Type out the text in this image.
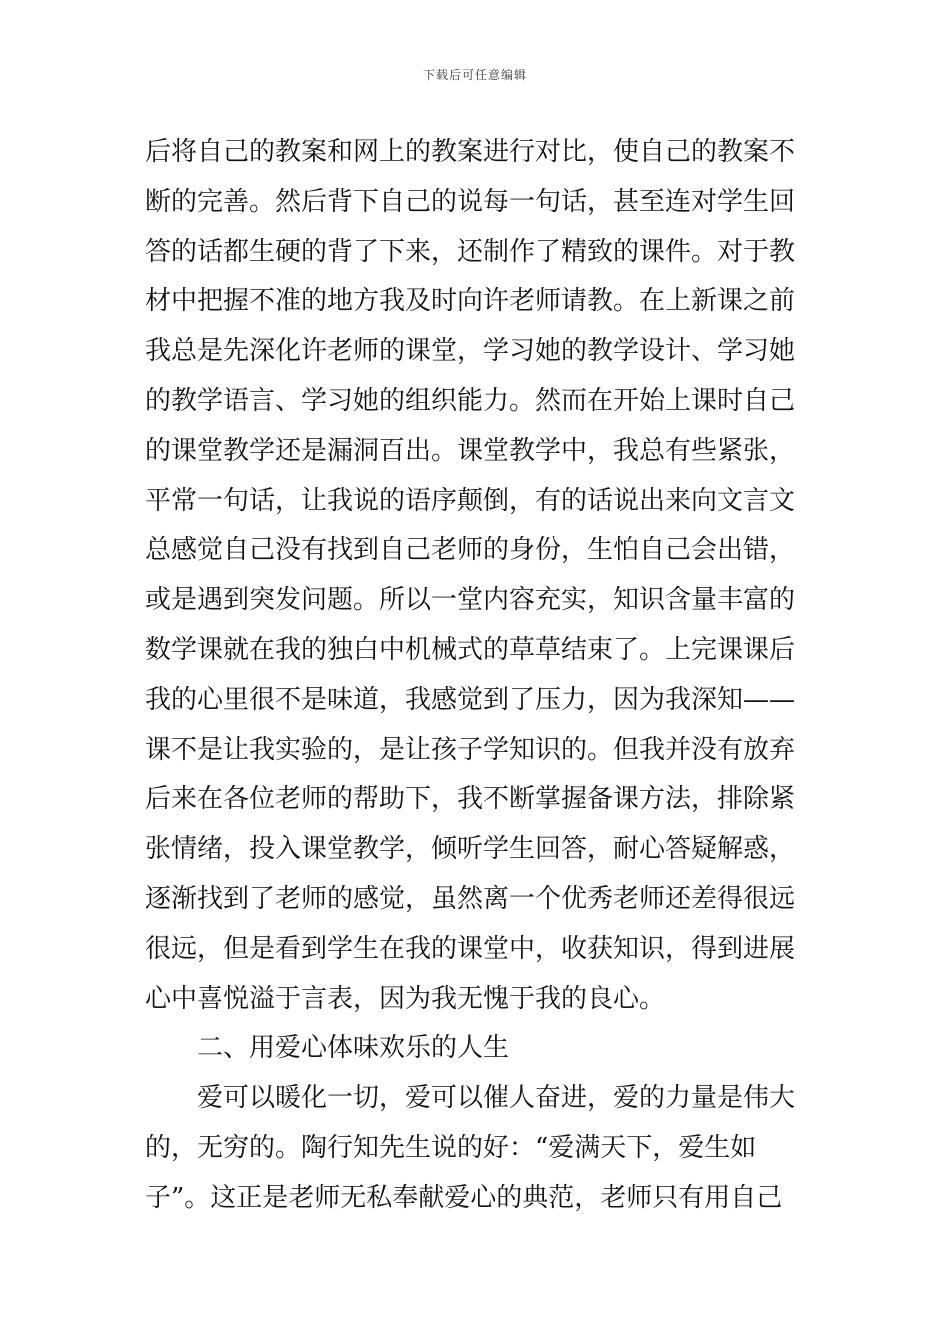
下载后可任意编辑
后将自己的教案和网上的教案进行对比，使自己的教案不
断的完善。然后背下自己的说每一句话，甚至连对学生回
答的话都生硬的背了下来，还制作了精致的课件。对于教
材中把握不准的地方我及时向许老师请教。在上新课之前
我总是先深化许老师的课堂，学习她的教学设计、学习她
的教学语言、学习她的组织能力。然而在开始上课时自己
的课堂教学还是漏洞百出。课堂教学中，我总有些紧张，
平常一句话，让我说的语序颠倒，有的话说出来向文言文
总感觉自己没有找到自己老师的身份，生怕自己会出错，
或是遇到突发问题。所以一堂内容充实，知识含量丰富的
数学课就在我的独白中机械式的草草结束了。上完课课后
我的心里很不是味道，我感觉到了压力，因为我深知——
课不是让我实验的，是让孩子学知识的。但我并没有放弃
后来在各位老师的帮助下，我不断掌握备课方法，排除紧
张情绪，投入课堂教学，倾听学生回答，耐心答疑解惑，
逐渐找到了老师的感觉，虽然离一个优秀老师还差得很远
很远，但是看到学生在我的课堂中，收获知识，得到进展
心中喜悦溢于言表，因为我无愧于我的良心。
二、用爱心体味欢乐的人生
爱可以暖化一切，爱可以催人奋进，爱的力量是伟大
的，无穷的。陶行知先生说的好：“爱满天下，爱生如
子”。这正是老师无私奉献爱心的典范，老师只有用自己
